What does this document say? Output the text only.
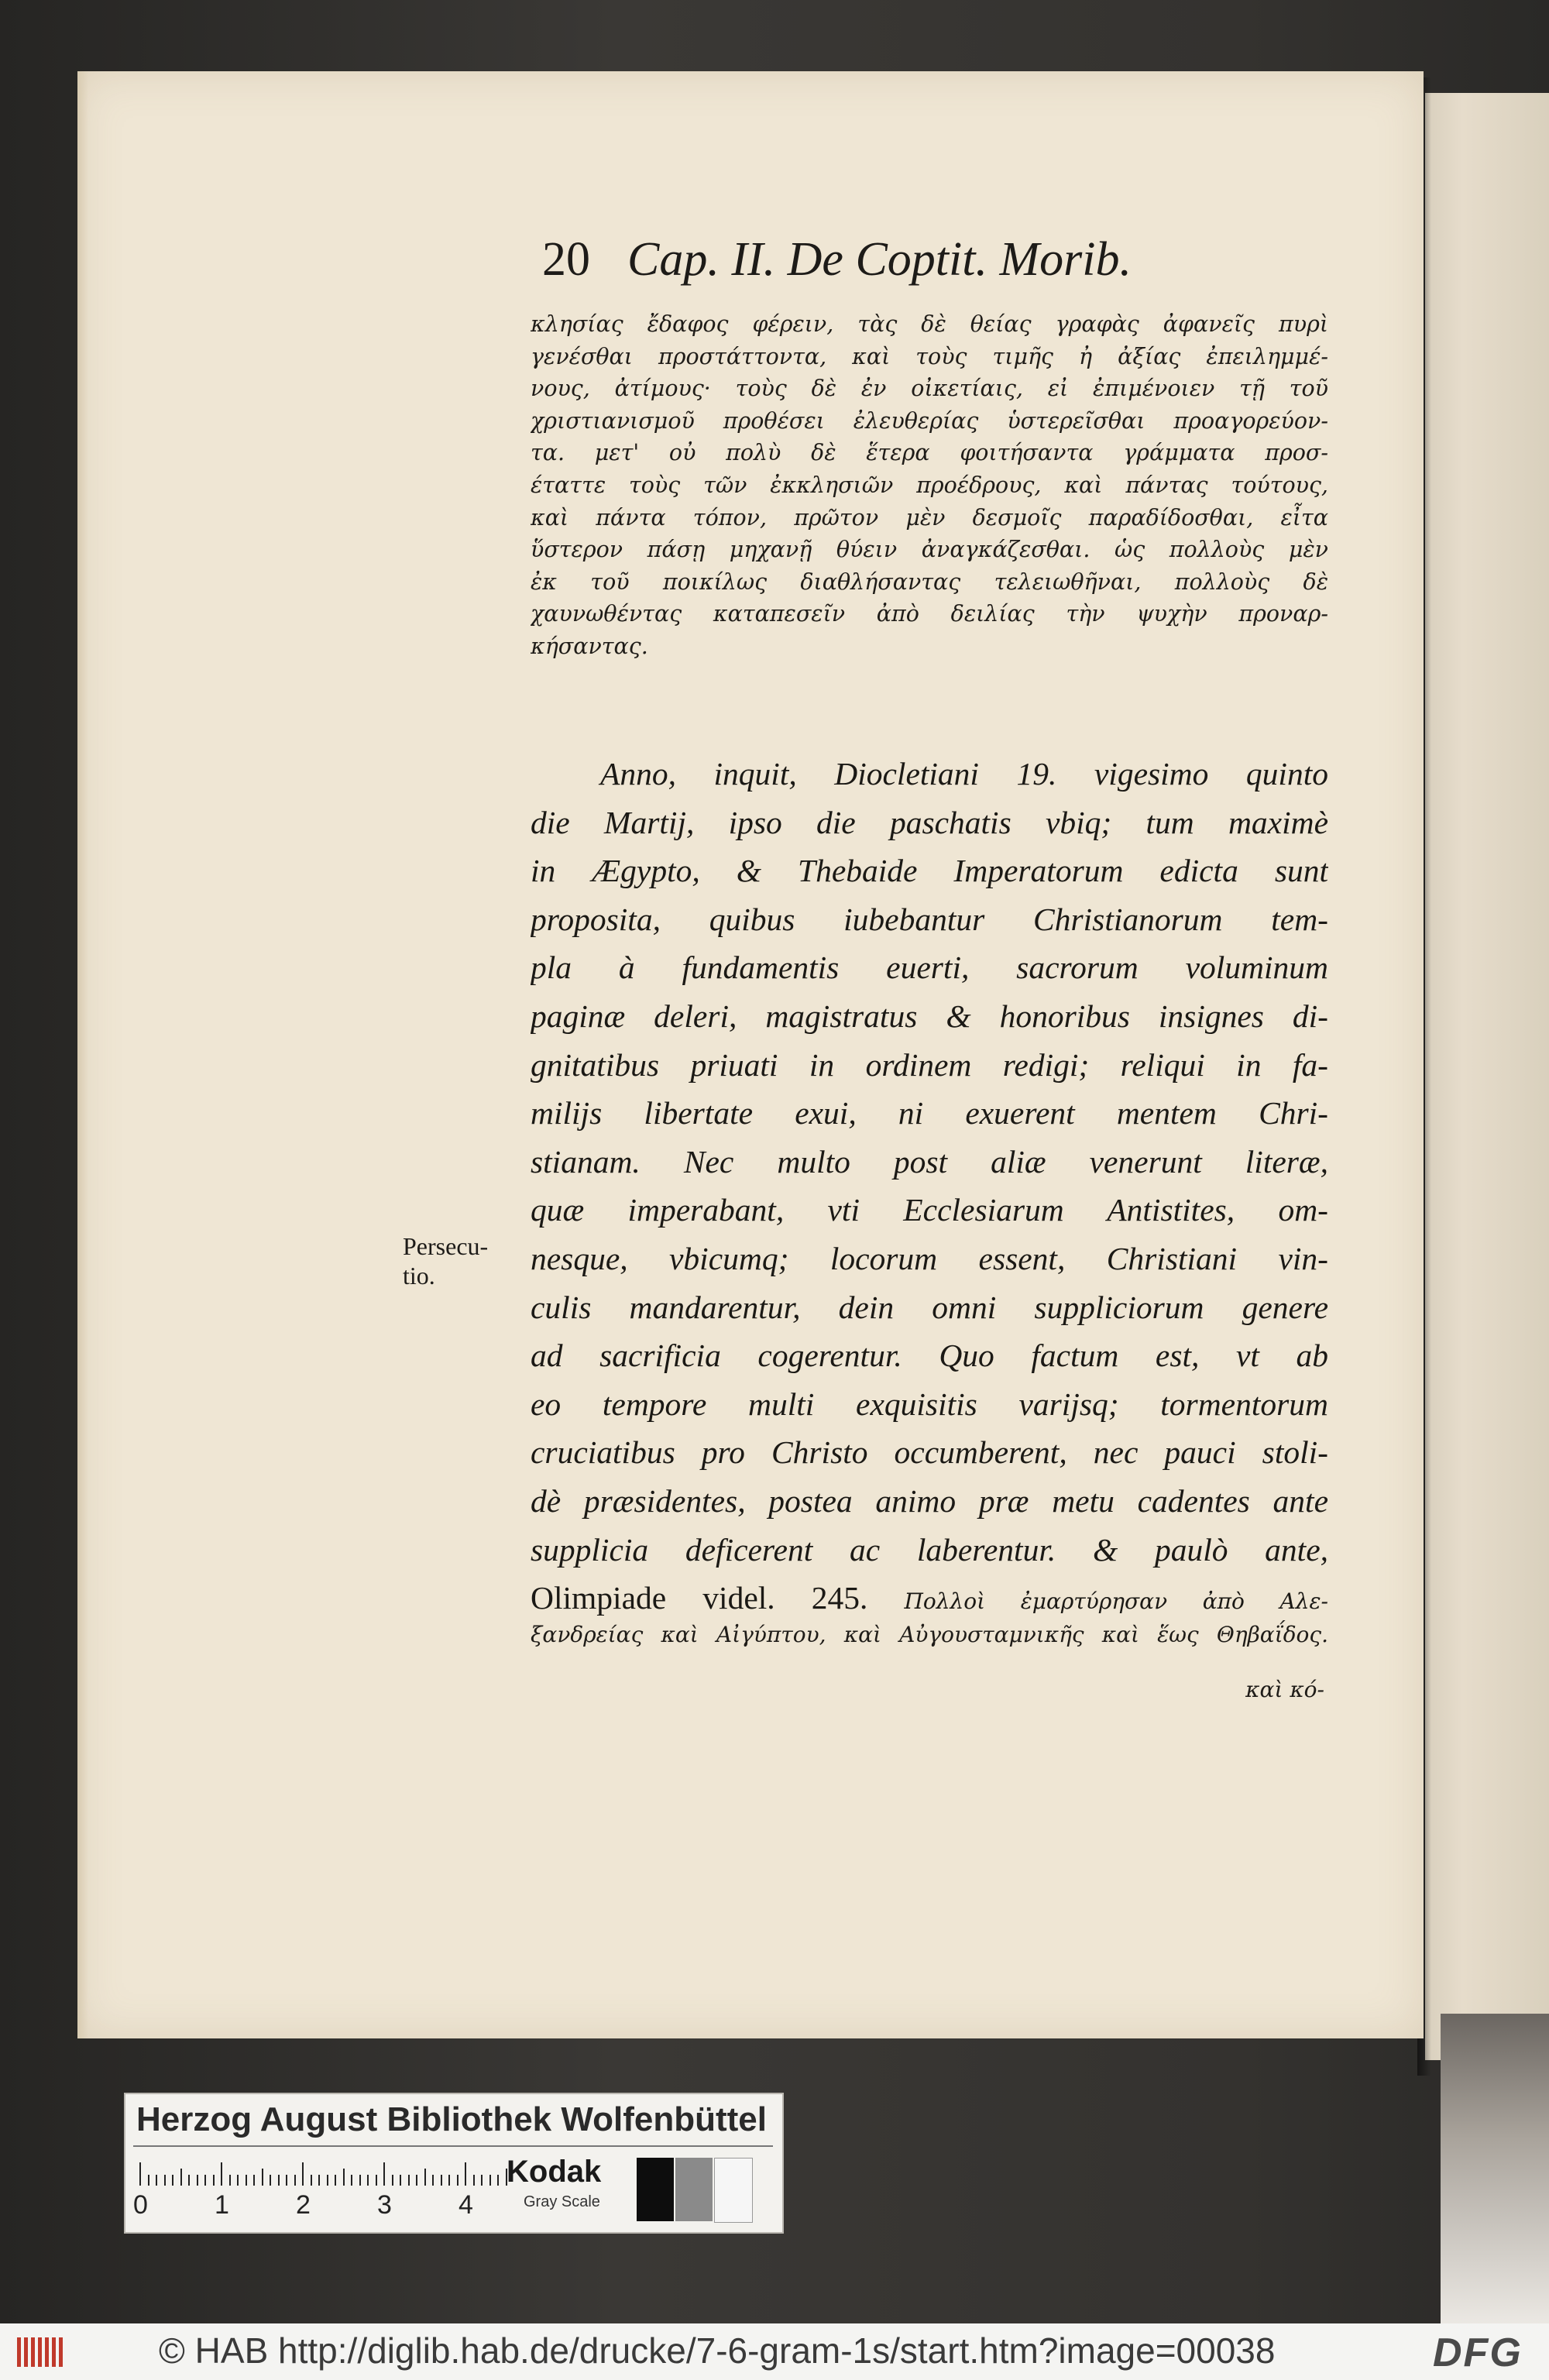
20 Cap. II. De Coptit. Morib.
κλησίας ἔδαφος φέρειν, τὰς δὲ θείας γραφὰς ἀφανεῖς πυρὶ
γενέσθαι προστάττοντα, καὶ τοὺς τιμῆς ἠ ἀξίας ἐπειλημμέ-
νους, ἀτίμους· τοὺς δὲ ἐν οἰκετίαις, εἰ ἐπιμένοιεν τῇ τοῦ
χριστιανισμοῦ προθέσει ἐλευθερίας ὑστερεῖσθαι προαγορεύον-
τα. μετ' οὐ πολὺ δὲ ἕτερα φοιτήσαντα γράμματα προσ-
έταττε τοὺς τῶν ἐκκλησιῶν προέδρους, καὶ πάντας τούτους,
καὶ πάντα τόπον, πρῶτον μὲν δεσμοῖς παραδίδοσθαι, εἶτα
ὕστερον πάσῃ μηχανῇ θύειν ἀναγκάζεσθαι. ὡς πολλοὺς μὲν
ἐκ τοῦ ποικίλως διαθλήσαντας τελειωθῆναι, πολλοὺς δὲ
χαυνωθέντας καταπεσεῖν ἀπὸ δειλίας τὴν ψυχὴν προναρ-
κήσαντας.
Anno, inquit, Diocletiani 19. vigesimo quinto
die Martij, ipso die paschatis vbiq; tum maximè
in Ægypto, & Thebaide Imperatorum edicta sunt
proposita, quibus iubebantur Christianorum tem-
pla à fundamentis euerti, sacrorum voluminum
paginæ deleri, magistratus & honoribus insignes di-
gnitatibus priuati in ordinem redigi; reliqui in fa-
milijs libertate exui, ni exuerent mentem Chri-
stianam. Nec multo post aliæ venerunt literæ,
quæ imperabant, vti Ecclesiarum Antistites, om-
nesque, vbicumq; locorum essent, Christiani vin-
culis mandarentur, dein omni suppliciorum genere
ad sacrificia cogerentur. Quo factum est, vt ab
eo tempore multi exquisitis varijsq; tormentorum
cruciatibus pro Christo occumberent, nec pauci stoli-
dè præsidentes, postea animo præ metu cadentes ante
supplicia deficerent ac laberentur. & paulò ante,
Olimpiade videl. 245. Πολλοὶ ἐμαρτύρησαν ἀπὸ Αλε-
ξανδρείας καὶ Αἰγύπτου, καὶ Αὐγουσταμνικῆς καὶ ἕως Θηβαΐδος.
καὶ κό-
Persecu-
tio.
Herzog August Bibliothek Wolfenbüttel
0	1	2	3	4
Kodak
Gray Scale
© HAB http://diglib.hab.de/drucke/7-6-gram-1s/start.htm?image=00038	DFG
